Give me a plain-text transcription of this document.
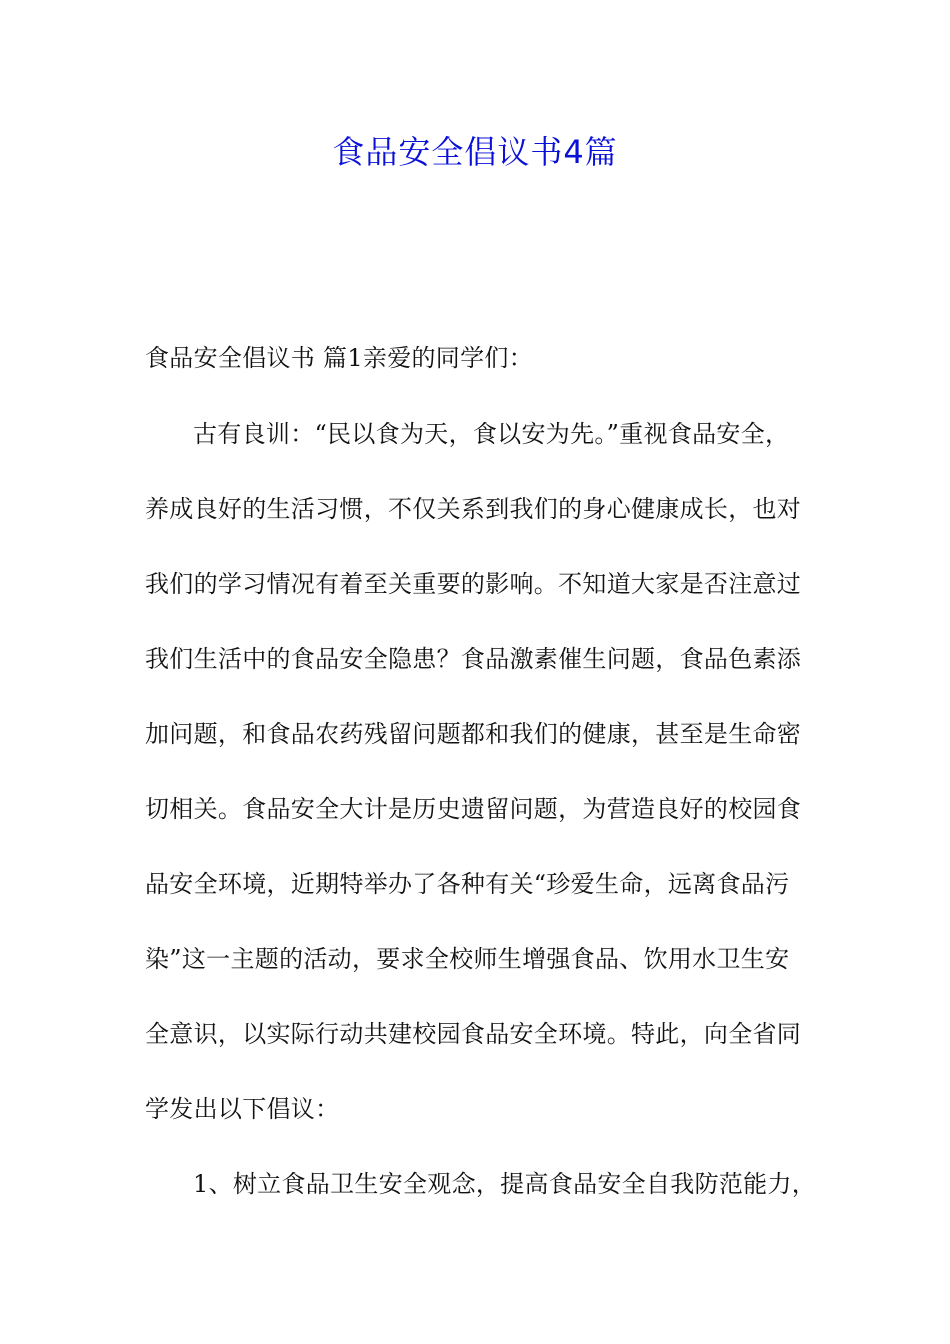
食品安全倡议书4篇
食品安全倡议书 篇1亲爱的同学们：
古有良训：“民以食为天，食以安为先。”重视食品安全，
养成良好的生活习惯，不仅关系到我们的身心健康成长，也对
我们的学习情况有着至关重要的影响。不知道大家是否注意过
我们生活中的食品安全隐患？食品激素催生问题，食品色素添
加问题，和食品农药残留问题都和我们的健康，甚至是生命密
切相关。食品安全大计是历史遗留问题，为营造良好的校园食
品安全环境，近期特举办了各种有关“珍爱生命，远离食品污
染”这一主题的活动，要求全校师生增强食品、饮用水卫生安
全意识，以实际行动共建校园食品安全环境。特此，向全省同
学发出以下倡议：
1、树立食品卫生安全观念，提高食品安全自我防范能力，
